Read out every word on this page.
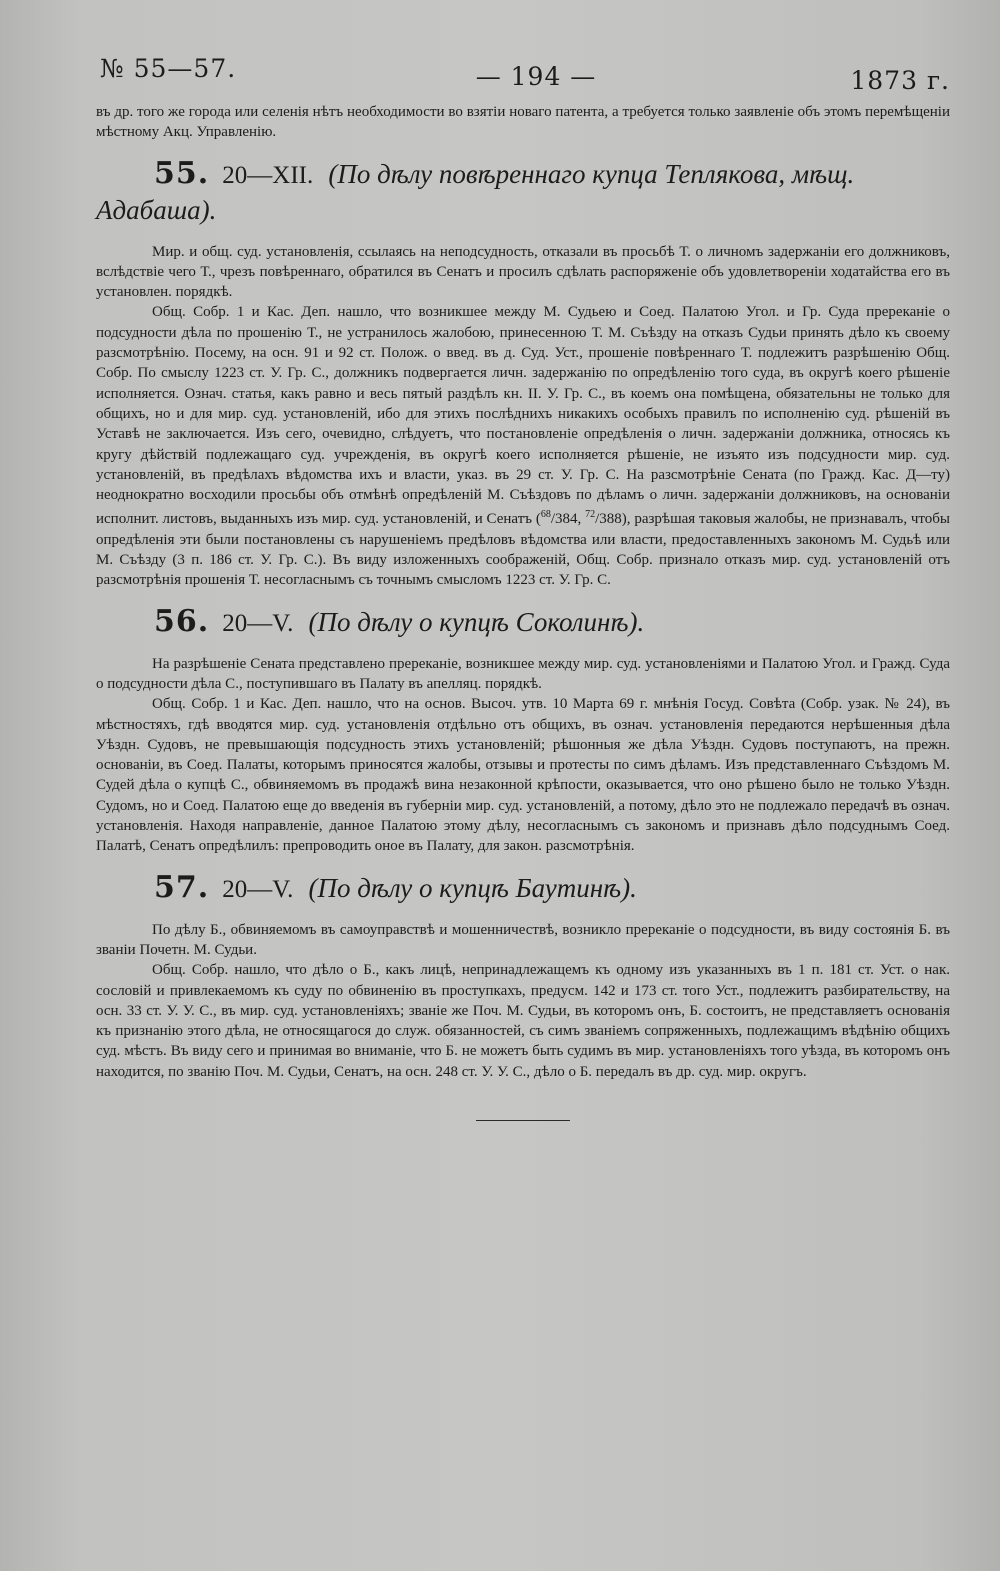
№ 55—57.	— 194 —	1873 г.

въ др. того же города или селенія нѣтъ необходимости во взятіи новаго патента, а требуется только заявленіе объ этомъ перемѣщеніи мѣстному Акц. Управленію.

55. 20—XII. (По дѣлу повѣреннаго купца Теплякова, мѣщ. Адабаша).

Мир. и общ. суд. установленія, ссылаясь на неподсудность, отказали въ просьбѣ Т. о личномъ задержаніи его должниковъ, вслѣдствіе чего Т., чрезъ повѣреннаго, обратился въ Сенатъ и просилъ сдѣлать распоряженіе объ удовлетвореніи ходатайства его въ установлен. порядкѣ.

Общ. Собр. 1 и Кас. Деп. нашло, что возникшее между М. Судьею и Соед. Палатою Угол. и Гр. Суда пререканіе о подсудности дѣла по прошенію Т., не устранилось жалобою, принесенною Т. М. Съѣзду на отказъ Судьи принять дѣло къ своему разсмотрѣнію. Посему, на осн. 91 и 92 ст. Полож. о введ. въ д. Суд. Уст., прошеніе повѣреннаго Т. подлежитъ разрѣшенію Общ. Собр. По смыслу 1223 ст. У. Гр. С., должникъ подвергается личн. задержанію по опредѣленію того суда, въ округѣ коего рѣшеніе исполняется. Означ. статья, какъ равно и весь пятый раздѣлъ кн. II. У. Гр. С., въ коемъ она помѣщена, обязательны не только для общихъ, но и для мир. суд. установленій, ибо для этихъ послѣднихъ никакихъ особыхъ правилъ по исполненію суд. рѣшеній въ Уставѣ не заключается. Изъ сего, очевидно, слѣдуетъ, что постановленіе опредѣленія о личн. задержаніи должника, относясь къ кругу дѣйствій подлежащаго суд. учрежденія, въ округѣ коего исполняется рѣшеніе, не изъято изъ подсудности мир. суд. установленій, въ предѣлахъ вѣдомства ихъ и власти, указ. въ 29 ст. У. Гр. С. На разсмотрѣніе Сената (по Гражд. Кас. Д—ту) неоднократно восходили просьбы объ отмѣнѣ опредѣленій М. Съѣздовъ по дѣламъ о личн. задержаніи должниковъ, на основаніи исполнит. листовъ, выданныхъ изъ мир. суд. установленій, и Сенатъ ($^{68}$/384, $^{72}$/388), разрѣшая таковыя жалобы, не признавалъ, чтобы опредѣленія эти были постановлены съ нарушеніемъ предѣловъ вѣдомства или власти, предоставленныхъ закономъ М. Судьѣ или М. Съѣзду (3 п. 186 ст. У. Гр. С.). Въ виду изложенныхъ соображеній, Общ. Собр. признало отказъ мир. суд. установленій отъ разсмотрѣнія прошенія Т. несогласнымъ съ точнымъ смысломъ 1223 ст. У. Гр. С.

56. 20—V. (По дѣлу о купцѣ Соколинѣ).

На разрѣшеніе Сената представлено пререканіе, возникшее между мир. суд. установленіями и Палатою Угол. и Гражд. Суда о подсудности дѣла С., поступившаго въ Палату въ апелляц. порядкѣ.

Общ. Собр. 1 и Кас. Деп. нашло, что на основ. Высоч. утв. 10 Марта 69 г. мнѣнія Госуд. Совѣта (Собр. узак. № 24), въ мѣстностяхъ, гдѣ вводятся мир. суд. установленія отдѣльно отъ общихъ, въ означ. установленія передаются нерѣшенныя дѣла Уѣздн. Судовъ, не превышающія подсудность этихъ установленій; рѣшонныя же дѣла Уѣздн. Судовъ поступаютъ, на прежн. основаніи, въ Соед. Палаты, которымъ приносятся жалобы, отзывы и протесты по симъ дѣламъ. Изъ представленнаго Съѣздомъ М. Судей дѣла о купцѣ С., обвиняемомъ въ продажѣ вина незаконной крѣпости, оказывается, что оно рѣшено было не только Уѣздн. Судомъ, но и Соед. Палатою еще до введенія въ губерніи мир. суд. установленій, а потому, дѣло это не подлежало передачѣ въ означ. установленія. Находя направленіе, данное Палатою этому дѣлу, несогласнымъ съ закономъ и признавъ дѣло подсуднымъ Соед. Палатѣ, Сенатъ опредѣлилъ: препроводить оное въ Палату, для закон. разсмотрѣнія.

57. 20—V. (По дѣлу о купцѣ Баутинѣ).

По дѣлу Б., обвиняемомъ въ самоуправствѣ и мошенничествѣ, возникло пререканіе о подсудности, въ виду состоянія Б. въ званіи Почетн. М. Судьи.

Общ. Собр. нашло, что дѣло о Б., какъ лицѣ, непринадлежащемъ къ одному изъ указанныхъ въ 1 п. 181 ст. Уст. о нак. сословій и привлекаемомъ къ суду по обвиненію въ проступкахъ, предусм. 142 и 173 ст. того Уст., подлежитъ разбирательству, на осн. 33 ст. У. У. С., въ мир. суд. установленіяхъ; званіе же Поч. М. Судьи, въ которомъ онъ, Б. состоитъ, не представляетъ основанія къ признанію этого дѣла, не относящагося до служ. обязанностей, съ симъ званіемъ сопряженныхъ, подлежащимъ вѣдѣнію общихъ суд. мѣстъ. Въ виду сего и принимая во вниманіе, что Б. не можетъ быть судимъ въ мир. установленіяхъ того уѣзда, въ которомъ онъ находится, по званію Поч. М. Судьи, Сенатъ, на осн. 248 ст. У. У. С., дѣло о Б. передалъ въ др. суд. мир. округъ.
